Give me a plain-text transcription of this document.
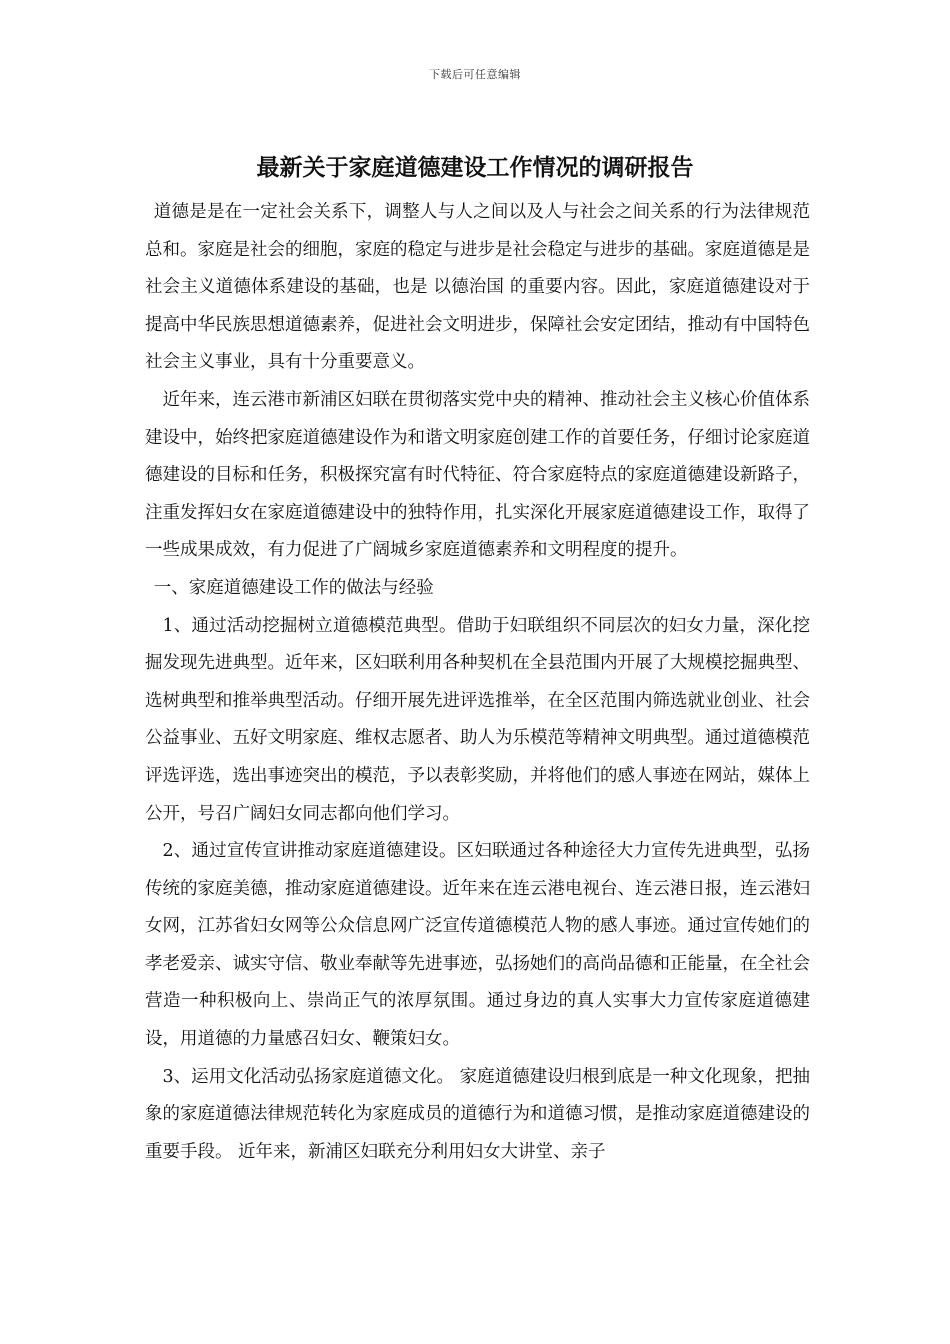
下载后可任意编辑
最新关于家庭道德建设工作情况的调研报告

道德是是在一定社会关系下，调整人与人之间以及人与社会之间关系的行为法律规范总和。家庭是社会的细胞，家庭的稳定与进步是社会稳定与进步的基础。家庭道德是是社会主义道德体系建设的基础，也是 以德治国 的重要内容。因此，家庭道德建设对于提高中华民族思想道德素养，促进社会文明进步，保障社会安定团结，推动有中国特色社会主义事业，具有十分重要意义。

近年来，连云港市新浦区妇联在贯彻落实党中央的精神、推动社会主义核心价值体系建设中，始终把家庭道德建设作为和谐文明家庭创建工作的首要任务，仔细讨论家庭道德建设的目标和任务，积极探究富有时代特征、符合家庭特点的家庭道德建设新路子，注重发挥妇女在家庭道德建设中的独特作用，扎实深化开展家庭道德建设工作，取得了一些成果成效，有力促进了广阔城乡家庭道德素养和文明程度的提升。

一、家庭道德建设工作的做法与经验

1、通过活动挖掘树立道德模范典型。借助于妇联组织不同层次的妇女力量，深化挖掘发现先进典型。近年来，区妇联利用各种契机在全县范围内开展了大规模挖掘典型、选树典型和推举典型活动。仔细开展先进评选推举，在全区范围内筛选就业创业、社会公益事业、五好文明家庭、维权志愿者、助人为乐模范等精神文明典型。通过道德模范评选评选，选出事迹突出的模范，予以表彰奖励，并将他们的感人事迹在网站，媒体上公开，号召广阔妇女同志都向他们学习。

2、通过宣传宣讲推动家庭道德建设。区妇联通过各种途径大力宣传先进典型，弘扬传统的家庭美德，推动家庭道德建设。近年来在连云港电视台、连云港日报，连云港妇女网，江苏省妇女网等公众信息网广泛宣传道德模范人物的感人事迹。通过宣传她们的孝老爱亲、诚实守信、敬业奉献等先进事迹，弘扬她们的高尚品德和正能量，在全社会营造一种积极向上、崇尚正气的浓厚氛围。通过身边的真人实事大力宣传家庭道德建设，用道德的力量感召妇女、鞭策妇女。

3、运用文化活动弘扬家庭道德文化。 家庭道德建设归根到底是一种文化现象，把抽象的家庭道德法律规范转化为家庭成员的道德行为和道德习惯，是推动家庭道德建设的重要手段。 近年来，新浦区妇联充分利用妇女大讲堂、亲子
